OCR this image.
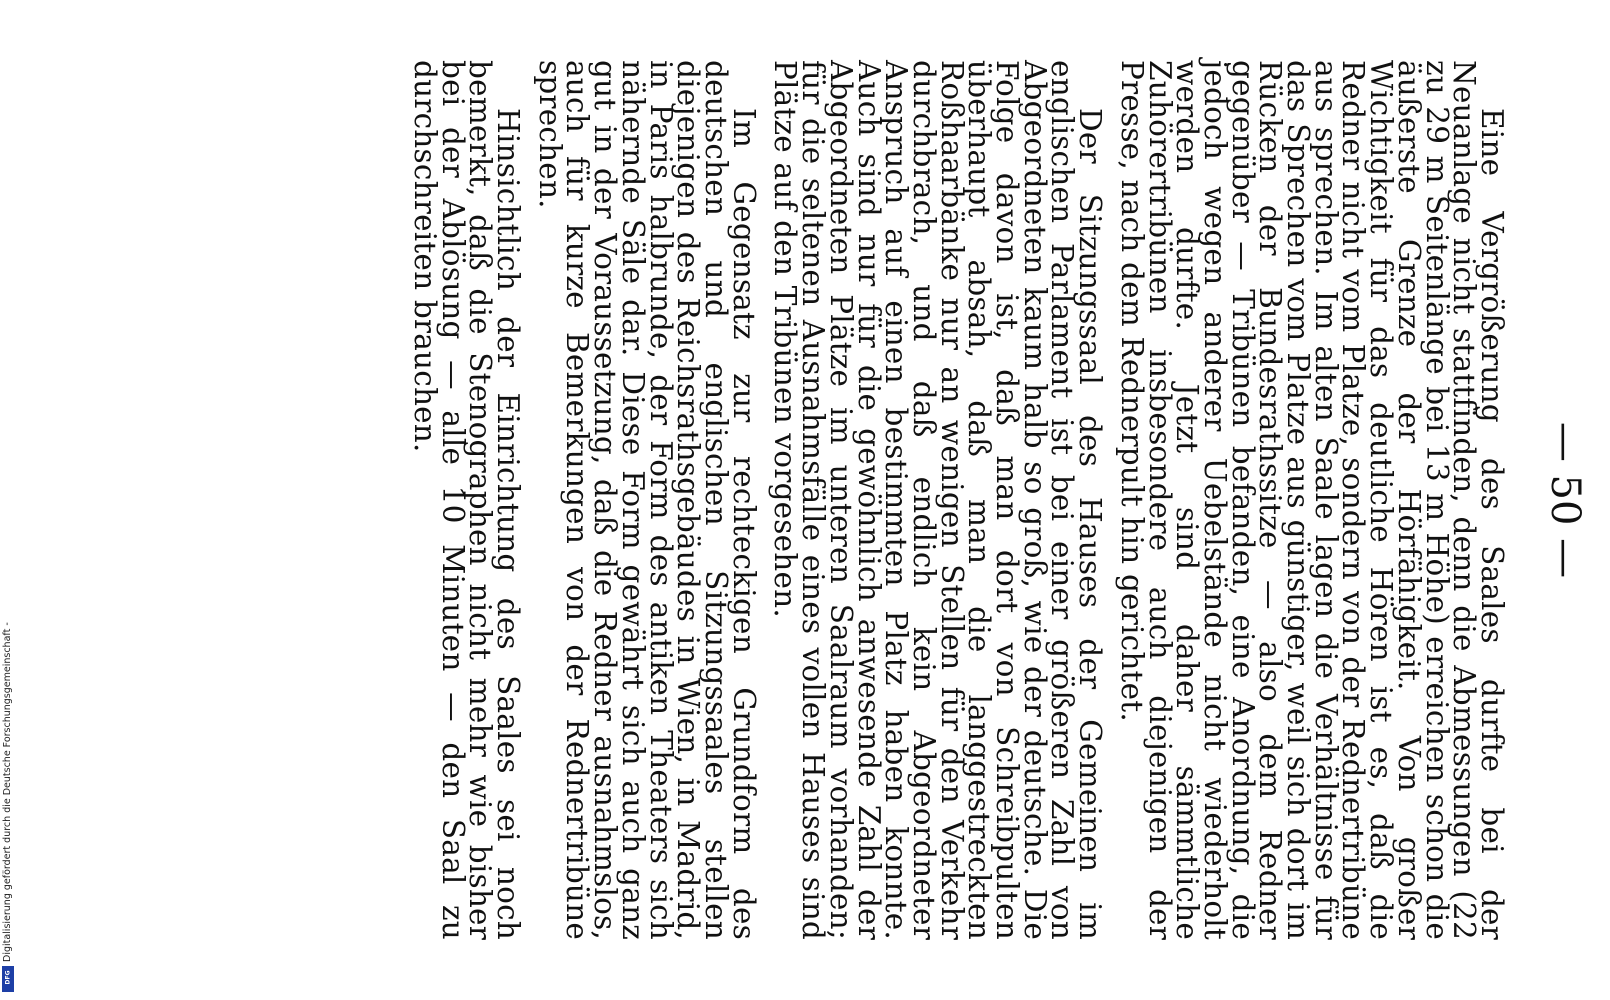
— 50 —

Eine Vergrößerung des Saales durfte bei der Neuanlage nicht stattfinden, denn die Abmessungen (22 zu 29 m Seitenlänge bei 13 m Höhe) erreichen schon die äußerste Grenze der Hörfähigkeit. Von großer Wichtigkeit für das deutliche Hören ist es, daß die Redner nicht vom Platze, sondern von der Rednertribüne aus sprechen. Im alten Saale lagen die Verhältnisse für das Sprechen vom Platze aus günstiger, weil sich dort im Rücken der Bundesrathssitze — also dem Redner gegenüber — Tribünen befanden, eine Anordnung, die jedoch wegen anderer Uebelstände nicht wiederholt werden durfte. Jetzt sind daher sämmtliche Zuhörertribünen insbesondere auch diejenigen der Presse, nach dem Rednerpult hin gerichtet.

Der Sitzungssaal des Hauses der Gemeinen im englischen Parlament ist bei einer größeren Zahl von Abgeordneten kaum halb so groß, wie der deutsche. Die Folge davon ist, daß man dort von Schreibpulten überhaupt absah, daß man die langgestreckten Roßhaarbänke nur an wenigen Stellen für den Verkehr durchbrach, und daß endlich kein Abgeordneter Anspruch auf einen bestimmten Platz haben konnte. Auch sind nur für die gewöhnlich anwesende Zahl der Abgeordneten Plätze im unteren Saalraum vorhanden; für die seltenen Ausnahmsfälle eines vollen Hauses sind Plätze auf den Tribünen vorgesehen.

Im Gegensatz zur rechteckigen Grundform des deutschen und englischen Sitzungssaales stellen diejenigen des Reichsrathsgebäudes in Wien, in Madrid, in Paris halbrunde, der Form des antiken Theaters sich nähernde Säle dar. Diese Form gewährt sich auch ganz gut in der Voraussetzung, daß die Redner ausnahmslos, auch für kurze Bemerkungen von der Rednertribüne sprechen.

Hinsichtlich der Einrichtung des Saales sei noch bemerkt, daß die Stenographen nicht mehr wie bisher bei der Ablösung — alle 10 Minuten — den Saal zu durchschreiten brauchen.

Digitalisierung gefördert durch die Deutsche Forschungsgemeinschaft -
DFG
